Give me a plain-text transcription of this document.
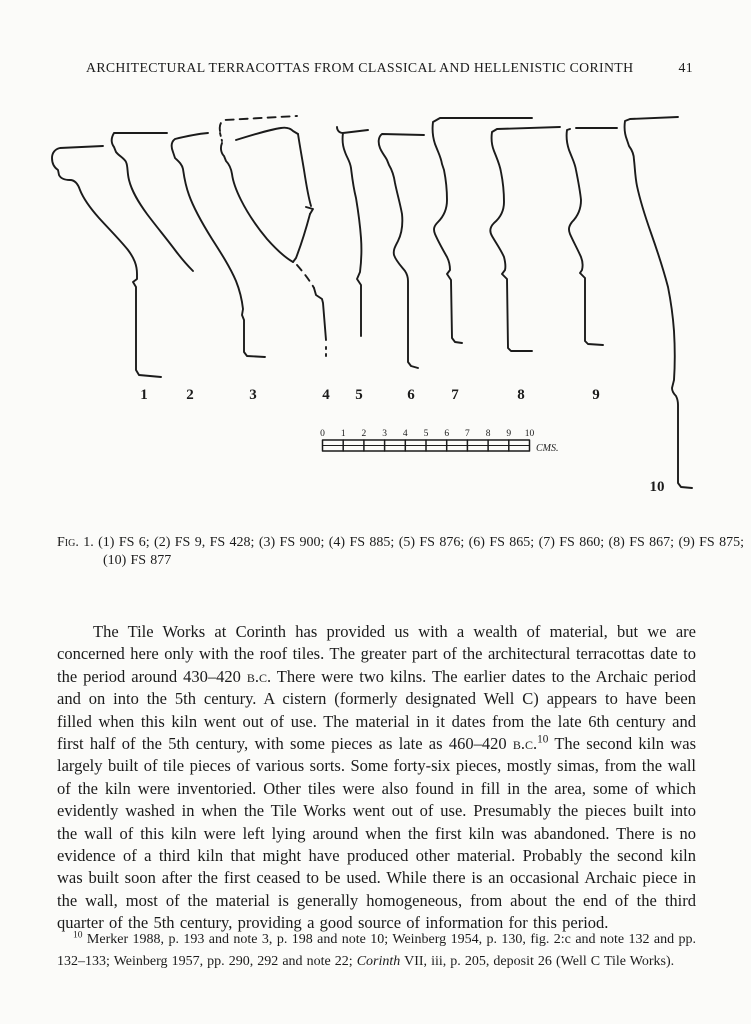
ARCHITECTURAL TERRACOTTAS FROM CLASSICAL AND HELLENISTIC CORINTH	41
1	2	3	4 5	6 7	8	9
10
0 1 2 3 4 5 6 7 8 9 10
CMS.
Fig. 1. (1) FS 6; (2) FS 9, FS 428; (3) FS 900; (4) FS 885; (5) FS 876; (6) FS 865; (7) FS 860; (8) FS 867; (9) FS 875; (10) FS 877
The Tile Works at Corinth has provided us with a wealth of material, but we are concerned here only with the roof tiles. The greater part of the architectural terracottas date to the period around 430–420 b.c. There were two kilns. The earlier dates to the Archaic period and on into the 5th century. A cistern (formerly designated Well C) appears to have been filled when this kiln went out of use. The material in it dates from the late 6th century and first half of the 5th century, with some pieces as late as 460–420 b.c.$^{10}$ The second kiln was largely built of tile pieces of various sorts. Some forty-six pieces, mostly simas, from the wall of the kiln were inventoried. Other tiles were also found in fill in the area, some of which evidently washed in when the Tile Works went out of use. Presumably the pieces built into the wall of this kiln were left lying around when the first kiln was abandoned. There is no evidence of a third kiln that might have produced other material. Probably the second kiln was built soon after the first ceased to be used. While there is an occasional Archaic piece in the wall, most of the material is generally homogeneous, from about the end of the third quarter of the 5th century, providing a good source of information for this period.
$^{10}$ Merker 1988, p. 193 and note 3, p. 198 and note 10; Weinberg 1954, p. 130, fig. 2:c and note 132 and pp. 132–133; Weinberg 1957, pp. 290, 292 and note 22; Corinth VII, iii, p. 205, deposit 26 (Well C Tile Works).
